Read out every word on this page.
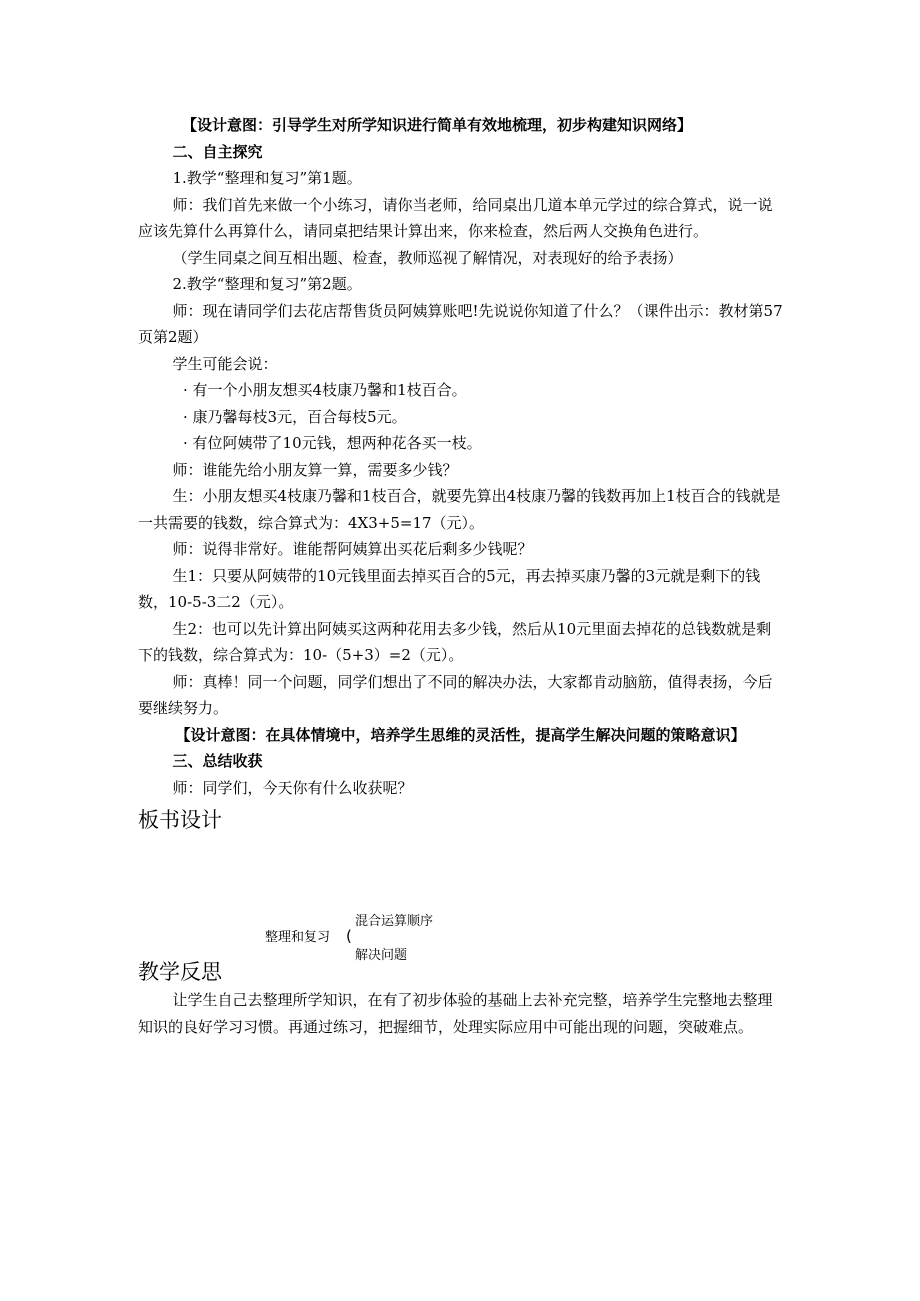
【设计意图：引导学生对所学知识进行简单有效地梳理，初步构建知识网络】

二、自主探究

1.教学“整理和复习”第1题。

师：我们首先来做一个小练习，请你当老师，给同桌出几道本单元学过的综合算式，说一说应该先算什么再算什么，请同桌把结果计算出来，你来检查，然后两人交换角色进行。

（学生同桌之间互相出题、检查，教师巡视了解情况，对表现好的给予表扬）

2.教学“整理和复习”第2题。

师：现在请同学们去花店帮售货员阿姨算账吧!先说说你知道了什么？（课件出示：教材第57页第2题）

学生可能会说：

· 有一个小朋友想买4枝康乃馨和1枝百合。

· 康乃馨每枝3元，百合每枝5元。

· 有位阿姨带了10元钱，想两种花各买一枝。

师：谁能先给小朋友算一算，需要多少钱？

生：小朋友想买4枝康乃馨和1枝百合，就要先算出4枝康乃馨的钱数再加上1枝百合的钱就是一共需要的钱数，综合算式为：4X3+5=17（元）。

师：说得非常好。谁能帮阿姨算出买花后剩多少钱呢？

生1：只要从阿姨带的10元钱里面去掉买百合的5元，再去掉买康乃馨的3元就是剩下的钱数，10-5-3二2（元）。

生2：也可以先计算出阿姨买这两种花用去多少钱，然后从10元里面去掉花的总钱数就是剩下的钱数，综合算式为：10-（5+3）=2（元）。

师：真棒！同一个问题，同学们想出了不同的解决办法，大家都肯动脑筋，值得表扬，今后要继续努力。

【设计意图：在具体情境中，培养学生思维的灵活性，提高学生解决问题的策略意识】

三、总结收获

师：同学们，今天你有什么收获呢？

板书设计

整理和复习 (
混合运算顺序
解决问题

教学反思

让学生自己去整理所学知识，在有了初步体验的基础上去补充完整，培养学生完整地去整理知识的良好学习习惯。再通过练习，把握细节，处理实际应用中可能出现的问题，突破难点。
